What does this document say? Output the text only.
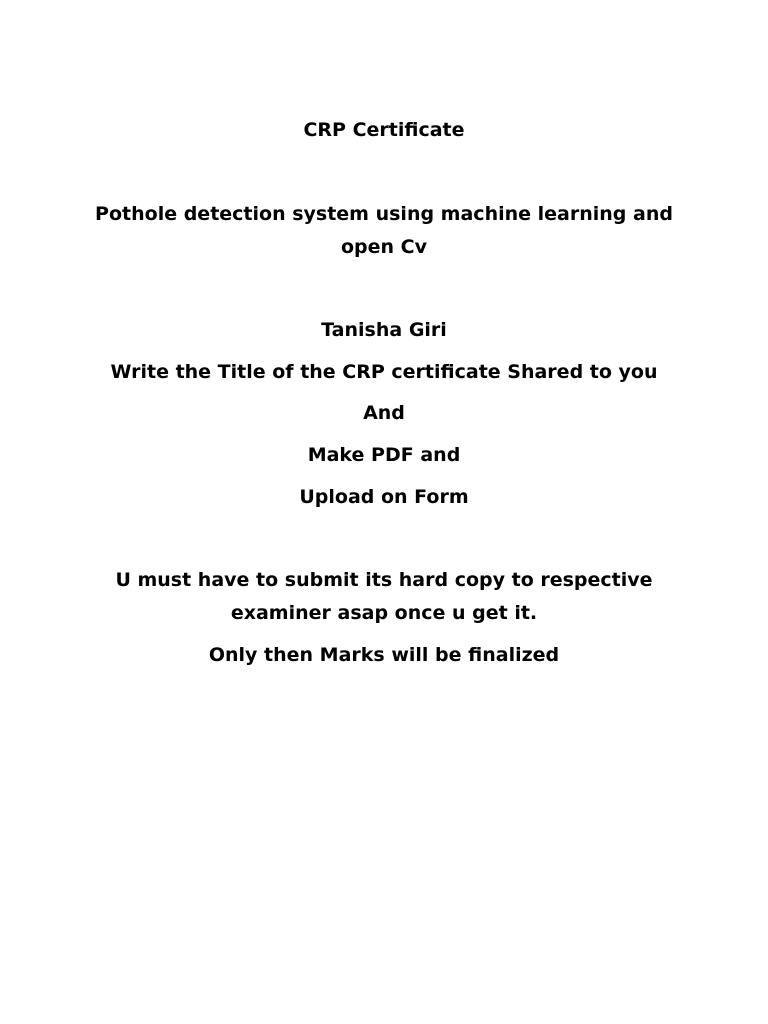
CRP Certificate
Pothole detection system using machine learning and
open Cv
Tanisha Giri
Write the Title of the CRP certificate Shared to you
And
Make PDF and
Upload on Form
U must have to submit its hard copy to respective
examiner asap once u get it.
Only then Marks will be finalized
